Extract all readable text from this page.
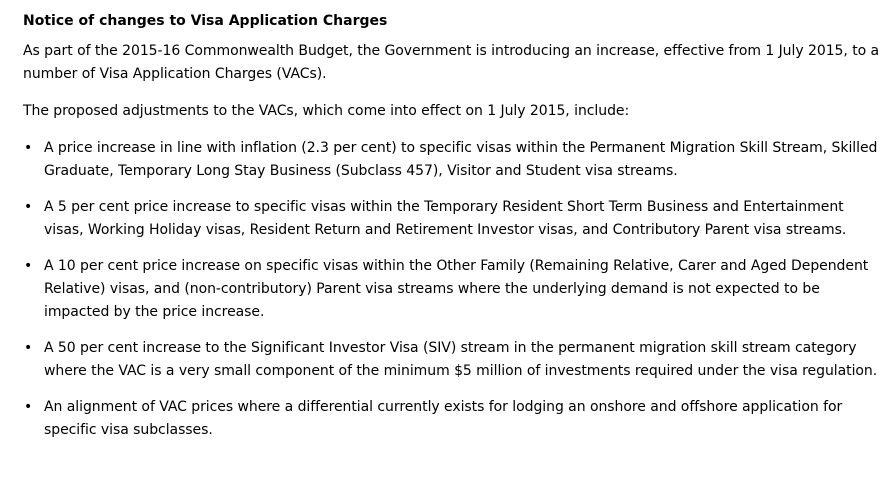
Notice of changes to Visa Application Charges

As part of the 2015-16 Commonwealth Budget, the Government is introducing an increase, effective from 1 July 2015, to a number of Visa Application Charges (VACs).

The proposed adjustments to the VACs, which come into effect on 1 July 2015, include:

• A price increase in line with inflation (2.3 per cent) to specific visas within the Permanent Migration Skill Stream, Skilled Graduate, Temporary Long Stay Business (Subclass 457), Visitor and Student visa streams.
• A 5 per cent price increase to specific visas within the Temporary Resident Short Term Business and Entertainment visas, Working Holiday visas, Resident Return and Retirement Investor visas, and Contributory Parent visa streams.
• A 10 per cent price increase on specific visas within the Other Family (Remaining Relative, Carer and Aged Dependent Relative) visas, and (non-contributory) Parent visa streams where the underlying demand is not expected to be impacted by the price increase.
• A 50 per cent increase to the Significant Investor Visa (SIV) stream in the permanent migration skill stream category where the VAC is a very small component of the minimum $5 million of investments required under the visa regulation.
• An alignment of VAC prices where a differential currently exists for lodging an onshore and offshore application for specific visa subclasses.
